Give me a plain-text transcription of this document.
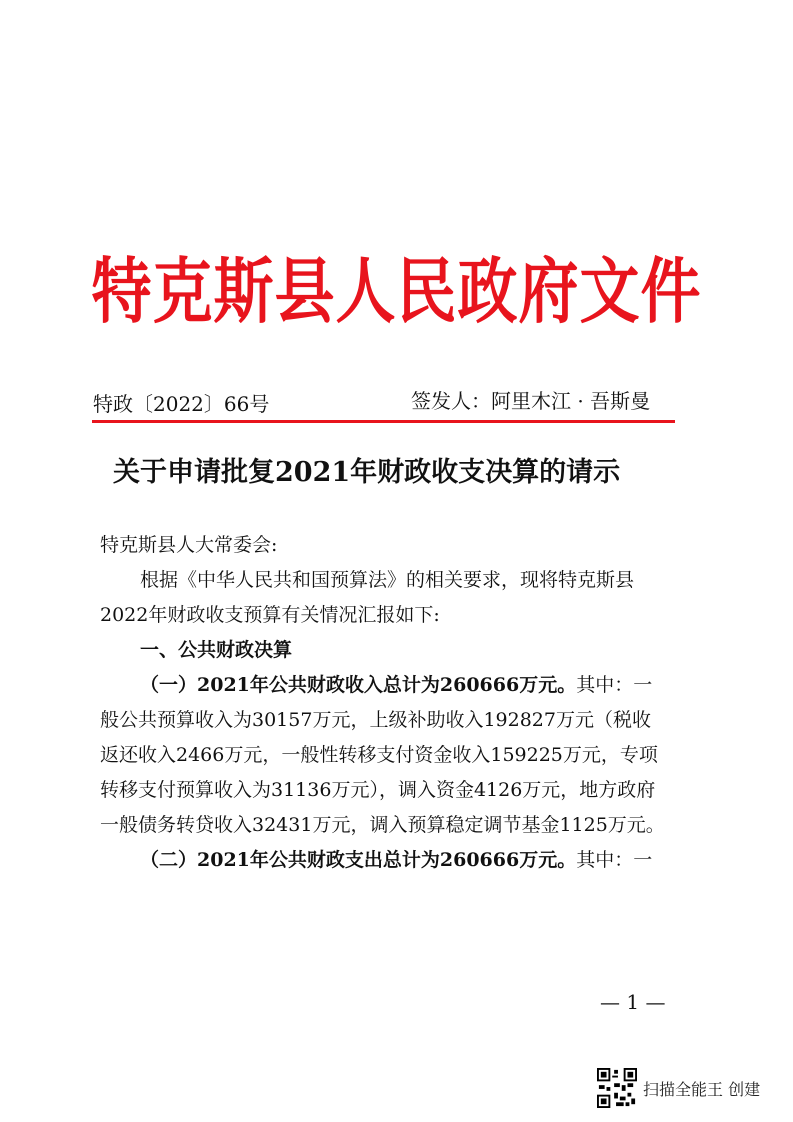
特克斯县人民政府文件
特政〔2022〕66号	签发人：阿里木江 · 吾斯曼
关于申请批复2021年财政收支决算的请示

特克斯县人大常委会:

根据《中华人民共和国预算法》的相关要求，现将特克斯县2022年财政收支预算有关情况汇报如下:

一、公共财政决算

（一）2021年公共财政收入总计为260666万元。其中：一般公共预算收入为30157万元，上级补助收入192827万元（税收返还收入2466万元，一般性转移支付资金收入159225万元，专项转移支付预算收入为31136万元），调入资金4126万元，地方政府一般债务转贷收入32431万元，调入预算稳定调节基金1125万元。

（二）2021年公共财政支出总计为260666万元。其中：一

— 1 —
扫描全能王 创建
